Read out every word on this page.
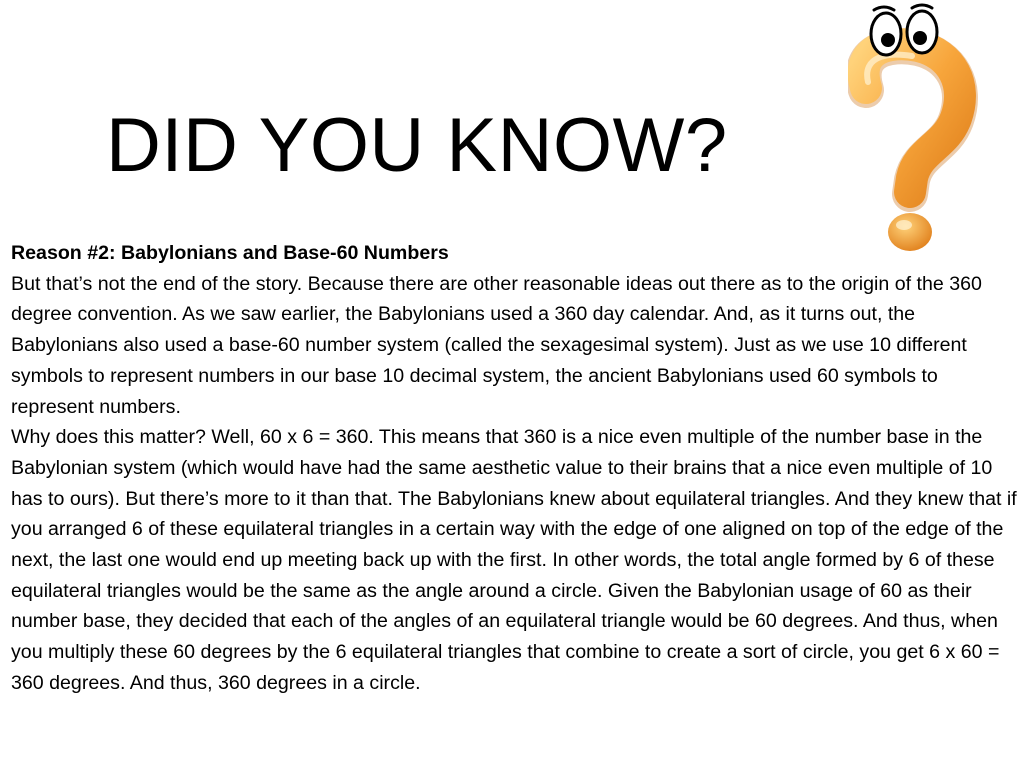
DID YOU KNOW?

Reason #2: Babylonians and Base-60 Numbers

But that’s not the end of the story. Because there are other reasonable ideas out there as to the origin of the 360 degree convention. As we saw earlier, the Babylonians used a 360 day calendar. And, as it turns out, the Babylonians also used a base-60 number system (called the sexagesimal system). Just as we use 10 different symbols to represent numbers in our base 10 decimal system, the ancient Babylonians used 60 symbols to represent numbers.

Why does this matter? Well, 60 x 6 = 360. This means that 360 is a nice even multiple of the number base in the Babylonian system (which would have had the same aesthetic value to their brains that a nice even multiple of 10 has to ours). But there’s more to it than that. The Babylonians knew about equilateral triangles. And they knew that if you arranged 6 of these equilateral triangles in a certain way with the edge of one aligned on top of the edge of the next, the last one would end up meeting back up with the first. In other words, the total angle formed by 6 of these equilateral triangles would be the same as the angle around a circle. Given the Babylonian usage of 60 as their number base, they decided that each of the angles of an equilateral triangle would be 60 degrees. And thus, when you multiply these 60 degrees by the 6 equilateral triangles that combine to create a sort of circle, you get 6 x 60 = 360 degrees. And thus, 360 degrees in a circle.
